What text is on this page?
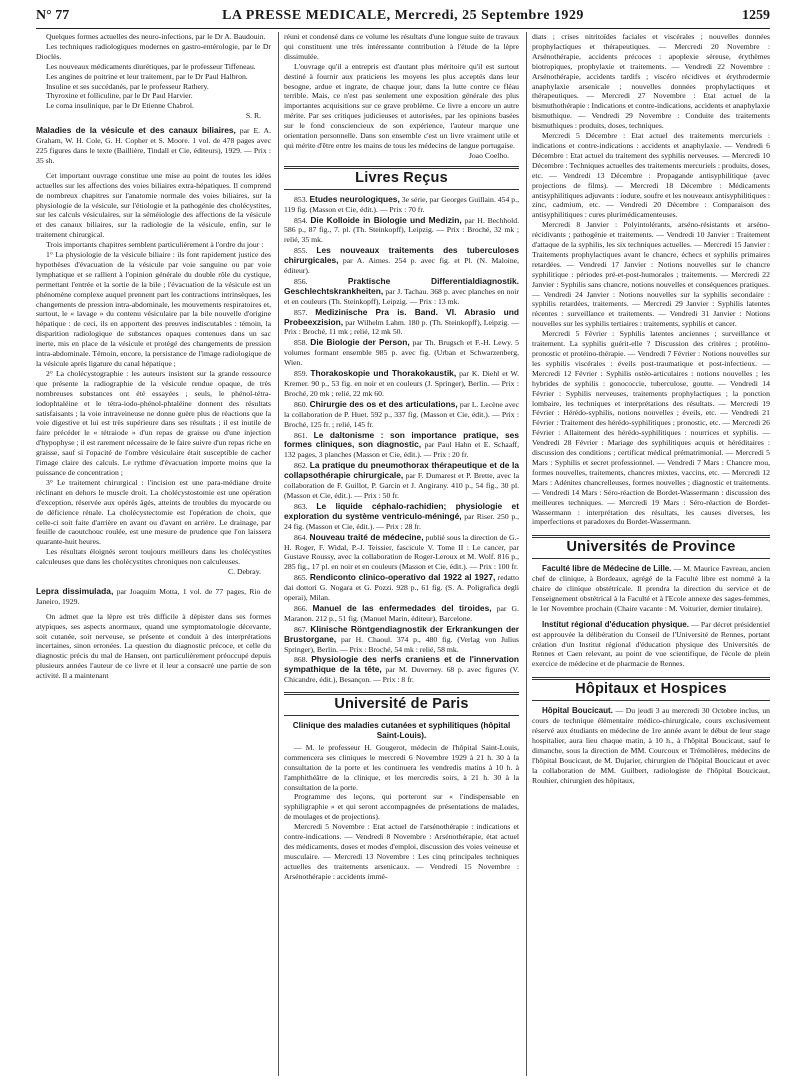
N° 77	LA PRESSE MEDICALE, Mercredi, 25 Septembre 1929	1259

Quelques formes actuelles des neuro-infections, par le Dr A. Baudouin.

Les techniques radiologiques modernes en gastro-entérologie, par le Dr Dioclès.

Les nouveaux médicaments diurétiques, par le professeur Tiffeneau.

Les angines de poitrine et leur traitement, par le Dr Paul Halbron.

Insuline et ses succédanés, par le professeur Rathery.

Thyroxine et folliculine, par le Dr Paul Harvier.

Le coma insulinique, par le Dr Etienne Chabrol.

S. R.

Maladies de la vésicule et des canaux biliaires, par E. A. Graham, W. H. Cole, G. H. Copher et S. Moore. 1 vol. de 478 pages avec 225 figures dans le texte (Baillière, Tindall et Cie, éditeurs), 1929. — Prix : 35 sh.

Cet important ouvrage constitue une mise au point de toutes les idées actuelles sur les affections des voies biliaires extra-hépatiques. Il comprend de nombreux chapitres sur l'anatomie normale des voies biliaires, sur la physiologie de la vésicule, sur l'étiologie et la pathogénie des cholécystites, sur les calculs vésiculaires, sur la séméiologie des affections de la vésicule et des canaux biliaires, sur la radiologie de la vésicule, enfin, sur le traitement chirurgical.

Trois importants chapitres semblent particulièrement à l'ordre du jour :

1° La physiologie de la vésicule biliaire : ils font rapidement justice des hypothèses d'évacuation de la vésicule par voie sanguine ou par voie lymphatique et se rallient à l'opinion générale du double rôle du cystique, permettant l'entrée et la sortie de la bile ; l'évacuation de la vésicule est un phénomène complexe auquel prennent part les contractions intrinsèques, les changements de pression intra-abdominale, les mouvements respiratoires et, surtout, le « lavage » du contenu vésiculaire par la bile nouvelle d'origine hépatique : de ceci, ils en apportent des preuves indiscutables : témoin, la disparition radiologique de substances opaques contenues dans un sac inerte, mis en place de la vésicule et protégé des changements de pression intra-abdominale. Témoin, encore, la persistance de l'image radiologique de la vésicule après ligature du canal hépatique ;

2° La cholécystographie : les auteurs insistent sur la grande ressource que présente la radiographie de la vésicule rendue opaque, de très nombreuses substances ont été essayées ; seuls, le phénol-tétra-iodophtaléine et le tétra-iodo-phénol-phtaléine donnent des résultats satisfaisants ; la voie intraveineuse ne donne guère plus de réactions que la voie digestive et lui est très supérieure dans ses résultats ; il est inutile de faire précéder le « tétraiode » d'un repas de graisse ou d'une injection d'hypophyse ; il est rarement nécessaire de le faire suivre d'un repas riche en graisse, sauf si l'opacité de l'ombre vésiculaire était susceptible de cacher l'image claire des calculs. Le rythme d'évacuation importe moins que la puissance de concentration ;

3° Le traitement chirurgical : l'incision est une para-médiane droite réclinant en dehors le muscle droit. La cholécystostomie est une opération d'exception, réservée aux opérés âgés, atteints de troubles du myocarde ou de déficience rénale. La cholécystectomie est l'opération de choix, que celle-ci soit faite d'arrière en avant ou d'avant en arrière. Le drainage, par feuille de caoutchouc roulée, est une mesure de prudence que l'on laissera quarante-huit heures.

Les résultats éloignés seront toujours meilleurs dans les cholécystites calculeuses que dans les cholécystites chroniques non calculeuses.

C. Debray.

Lepra dissimulada, par Joaquim Motta, 1 vol. de 77 pages, Rio de Janeiro, 1929.

On admet que la lèpre est très difficile à dépister dans ses formes atypiques, ses aspects anormaux, quand une symptomatologie décevante, soit cutanée, soit nerveuse, se présente et conduit à des interprétations incertaines, sinon erronées. La question du diagnostic précoce, et celle du diagnostic précis du mal de Hansen, ont particulièrement préoccupé depuis plusieurs années l'auteur de ce livre et il leur a consacré une partie de son activité. Il a maintenant

réuni et condensé dans ce volume les résultats d'une longue suite de travaux qui constituent une très intéressante contribution à l'étude de la lèpre dissimulée.

L'ouvrage qu'il a entrepris est d'autant plus méritoire qu'il est surtout destiné à fournir aux praticiens les moyens les plus acceptés dans leur besogne, ardue et ingrate, de chaque jour, dans la lutte contre ce fléau terrible. Mais, ce n'est pas seulement une exposition générale des plus importantes acquisitions sur ce grave problème. Ce livre a encore un autre mérite. Par ses critiques judicieuses et autorisées, par les opinions basées sur le fond consciencieux de son expérience, l'auteur marque une orientation personnelle. Dans son ensemble c'est un livre vraiment utile et qui mérite d'être entre les mains de tous les médecins de langue portugaise.

Joao Coelho.

Livres Reçus

853. Etudes neurologiques, 3e série, par Georges Guillain. 454 p., 119 fig. (Masson et Cie, édit.). — Prix : 70 fr.

854. Die Kolloide in Biologie und Medizin, par H. Bechhold. 586 p., 87 fig., 7. pl. (Th. Steinkopff), Leipzig. — Prix : Broché, 32 mk ; relié, 35 mk.

855. Les nouveaux traitements des tuberculoses chirurgicales, par A. Aimes. 254 p. avec fig. et Pl. (N. Maloine, éditeur).

856.	Praktische Differentialdiagnostik. Geschlechtskrankheiten, par J. Tachau. 368 p. avec planches en noir et en couleurs (Th. Steinkopff), Leipzig. — Prix : 13 mk.

857. Medizinische Pra is. Band. VI. Abrasio und Probeexzision, par Wilhelm Lahm. 180 p. (Th. Steinkopff), Leipzig. — Prix : Broché, 11 mk ; relié, 12 mk 50.

858. Die Biologie der Person, par Th. Brugsch et F.-H. Lewy. 5 volumes formant ensemble 985 p. avec fig. (Urban et Schwarzenberg, Wien.

859. Thorakoskopie und Thorakokaustik, par K. Diehl et W. Kremer. 90 p., 53 fig. en noir et en couleurs (J. Springer), Berlin. — Prix : Broché, 20 mk ; relié, 22 mk 60.

860. Chirurgie des os et des articulations, par L. Lecène avec la collaboration de P. Huet. 592 p., 337 fig. (Masson et Cie, édit.). — Prix : Broché, 125 fr. ; relié, 145 fr.

861. Le daltonisme : son importance pratique, ses formes cliniques, son diagnostic, par Paul Hahn et E. Schaaff, 132 pages, 3 planches (Masson et Cie, édit.). — Prix : 20 fr.

862. La pratique du pneumothorax thérapeutique et de la collapsothérapie chirurgicale, par F. Dumarest et P. Brette, avec la collaboration de F. Guillot, P. Garcin et J. Angirany. 410 p., 54 fig., 30 pl. (Masson et Cie, édit.). — Prix : 50 fr.

863. Le liquide céphalo-rachidien; physiologie et exploration du système ventriculo-méningé, par Riser. 250 p., 24 fig. (Masson et Cie, édit.). — Prix : 28 fr.

864. Nouveau traité de médecine, publié sous la direction de G.-H. Roger, F. Widal, P.-J. Teissier, fascicule V. Tome II : Le cancer, par Gustave Roussy, avec la collaboration de Roger-Leroux et M. Wolf. 816 p., 285 fig., 17 pl. en noir et en couleurs (Masson et Cie, édit.). — Prix : 100 fr.

865. Rendiconto clinico-operativo dal 1922 al 1927, redatto dai dottori G. Nogara et G. Pozzi. 928 p., 61 fig. (S. A. Poligrafica degli operai), Milan.

866. Manuel de las enfermedades del tiroides, par G. Maranon. 212 p., 51 fig. (Manuel Marin, éditeur), Barcelone.

867. Klinische Röntgendiagnostik der Erkrankungen der Brustorgane, par H. Chaoul. 374 p., 480 fig. (Verlag von Julius Springer), Berlin. — Prix : Broché, 54 mk : relié, 58 mk.

868. Physiologie des nerfs craniens et de l'innervation sympathique de la tête, par M. Duverney. 68 p. avec figures (V. Chicandre, édit.), Besançon. — Prix : 8 fr.

Université de Paris

Clinique des maladies cutanées et syphilitiques (hôpital Saint-Louis).

— M. le professeur H. Gougerot, médecin de l'hôpital Saint-Louis, commencera ses cliniques le mercredi 6 Novembre 1929 à 21 h. 30 à la consultation de la porte et les continuera les vendredis matins à 10 h. à l'amphithéâtre de la clinique, et les mercredis soirs, à 21 h. 30 à la consultation de la porte.

Programme des leçons, qui porteront sur « l'indispensable en syphiligraphie » et qui seront accompagnées de présentations de malades, de moulages et de projections).

Mercredi 5 Novembre : Etat actuel de l'arsénothérapie : indications et contre-indications. — Vendredi 8 Novembre : Arsénothérapie, état actuel des médicaments, doses et modes d'emploi, discussion des voies veineuse et musculaire. — Mercredi 13 Novembre : Les cinq principales techniques actuelles des traitements arsenicaux. — Vendredi 15 Novembre : Arsénothérapie : accidents immé-

diats ; crises nitritoïdes faciales et viscérales ; nouvelles données prophylactiques et thérapeutiques. — Mercredi 20 Novembre : Arsénothérapie, accidents précoces : apoplexie séreuse, érythèmes biotropiques, prophylaxie et traitements. — Vendredi 22 Novembre : Arsénothérapie, accidents tardifs ; viscéro récidives et érythrodermie anaphylaxie arsenicale ; nouvelles données prophylactiques et thérapeutiques. — Mercredi 27 Novembre : Etat actuel de la bismuthothérapie : Indications et contre-indications, accidents et anaphylaxie bismuthique. — Vendredi 29 Novembre : Conduite des traitements bismuthiques : produits, doses, techniques.

Mercredi 5 Décembre : Etat actuel des traitements mercuriels : indications et contre-indications : accidents et anaphylaxie. — Vendredi 6 Décembre : Etat actuel du traitement des syphilis nerveuses. — Mercredi 10 Décembre : Techniques actuelles des traitements mercuriels : produits, doses, etc. — Vendredi 13 Décembre : Propagande antisyphilitique (avec projections de films). — Mercredi 18 Décembre : Médicaments antisyphilitiques adjuvants : iodure, soufre et les nouveaux antisyphilitiques : zinc, cadmium, etc. — Vendredi 20 Décembre : Comparaison des antisyphilitiques : cures plurimédicamenteuses.

Mercredi 8 Janvier : Polyintolérants, arséno-résistants et arséno-récidivants ; pathogénie et traitements. — Vendredi 10 Janvier : Traitement d'attaque de la syphilis, les six techniques actuelles. — Mercredi 15 Janvier : Traitements prophylactiques avant le chancre, échecs et syphilis primaires retardées. — Vendredi 17 Janvier : Notions nouvelles sur le chancre syphilitique : périodes pré-et-post-humorales ; traitements. — Mercredi 22 Janvier : Syphilis sans chancre, notions nouvelles et conséquences pratiques. — Vendredi 24 Janvier : Notions nouvelles sur la syphilis secondaire : syphilis retardées, traitements. — Mercredi 29 Janvier : Syphilis latentes récentes : surveillance et traitements. — Vendredi 31 Janvier : Notions nouvelles sur les syphilis tertiaires : traitements, syphilis et cancer.

Mercredi 5 Février : Syphilis latentes anciennes ; surveillance et traitement. La syphilis guérit-elle ? Discussion des critères ; protéino-pronostic et protéino-thérapie. — Vendredi 7 Février : Notions nouvelles sur les syphilis viscérales : éveils post-traumatique et post-infectieux. — Mercredi 12 Février : Syphilis ostéo-articulaires : notions nouvelles ; les hybrides de syphilis : gonococcie, tuberculose, goutte. — Vendredi 14 Février : Syphilis nerveuses, traitements prophylactiques ; la ponction lombaire, les techniques et interprétations des résultats. — Mercredi 19 Février : Hérédo-syphilis, notions nouvelles ; éveils, etc. — Vendredi 21 Février : Traitement des hérédo-syphilitiques ; pronostic, etc. — Mercredi 26 Février : Allaitement des hérédo-syphilitiques : nourrices et syphilis. — Vendredi 28 Février : Mariage des syphilitiques acquis et héréditaires : discussion des conditions ; certificat médical prématrimonial. — Mercredi 5 Mars : Syphilis et secret professionnel. — Vendredi 7 Mars : Chancre mou, formes nouvelles, traitements, chancres mixtes, vaccins, etc. — Mercredi 12 Mars : Adénites chancrelleuses, formes nouvelles ; diagnostic et traitements. — Vendredi 14 Mars : Séro-réaction de Bordet-Wassermann : discussion des meilleures techniques. — Mercredi 19 Mars : Séro-réaction de Bordet-Wassermann : interprétation des résultats, les causes diverses, les imperfections et paradoxes du Bordet-Wassermann.

Universités de Province

Faculté libre de Médecine de Lille. — M. Maurice Favreau, ancien chef de clinique, à Bordeaux, agrégé de la Faculté libre est nommé à la chaire de clinique obstétricale. Il prendra la direction du service et de l'enseignement obstétrical à la Faculté et à l'Ecole annexe des sages-femmes, le 1er Novembre prochain (Chaire vacante : M. Voiturier, dernier titulaire).

Institut régional d'éducation physique. — Par décret présidentiel est approuvée la délibération du Conseil de l'Université de Rennes, portant création d'un Institut régional d'éducation physique des Universités de Rennes et Caen relevant, au point de vue scientifique, de l'école de plein exercice de médecine et de pharmacie de Rennes.

Hôpitaux et Hospices

Hôpital Boucicaut. — Du jeudi 3 au mercredi 30 Octobre inclus, un cours de technique élémentaire médico-chirurgicale, cours exclusivement réservé aux étudiants en médecine de 1re année avant le début de leur stage hospitalier, aura lieu chaque matin, à 10 h., à l'hôpital Boucicaut, sauf le dimanche, sous la direction de MM. Courcoux et Trémolières, médecins de l'hôpital Boucicaut, de M. Dujarier, chirurgien de l'hôpital Boucicaut et avec la collaboration de MM. Guilbert, radiologiste de l'hôpital Boucicaut, Rouhier, chirurgien des hôpitaux,
